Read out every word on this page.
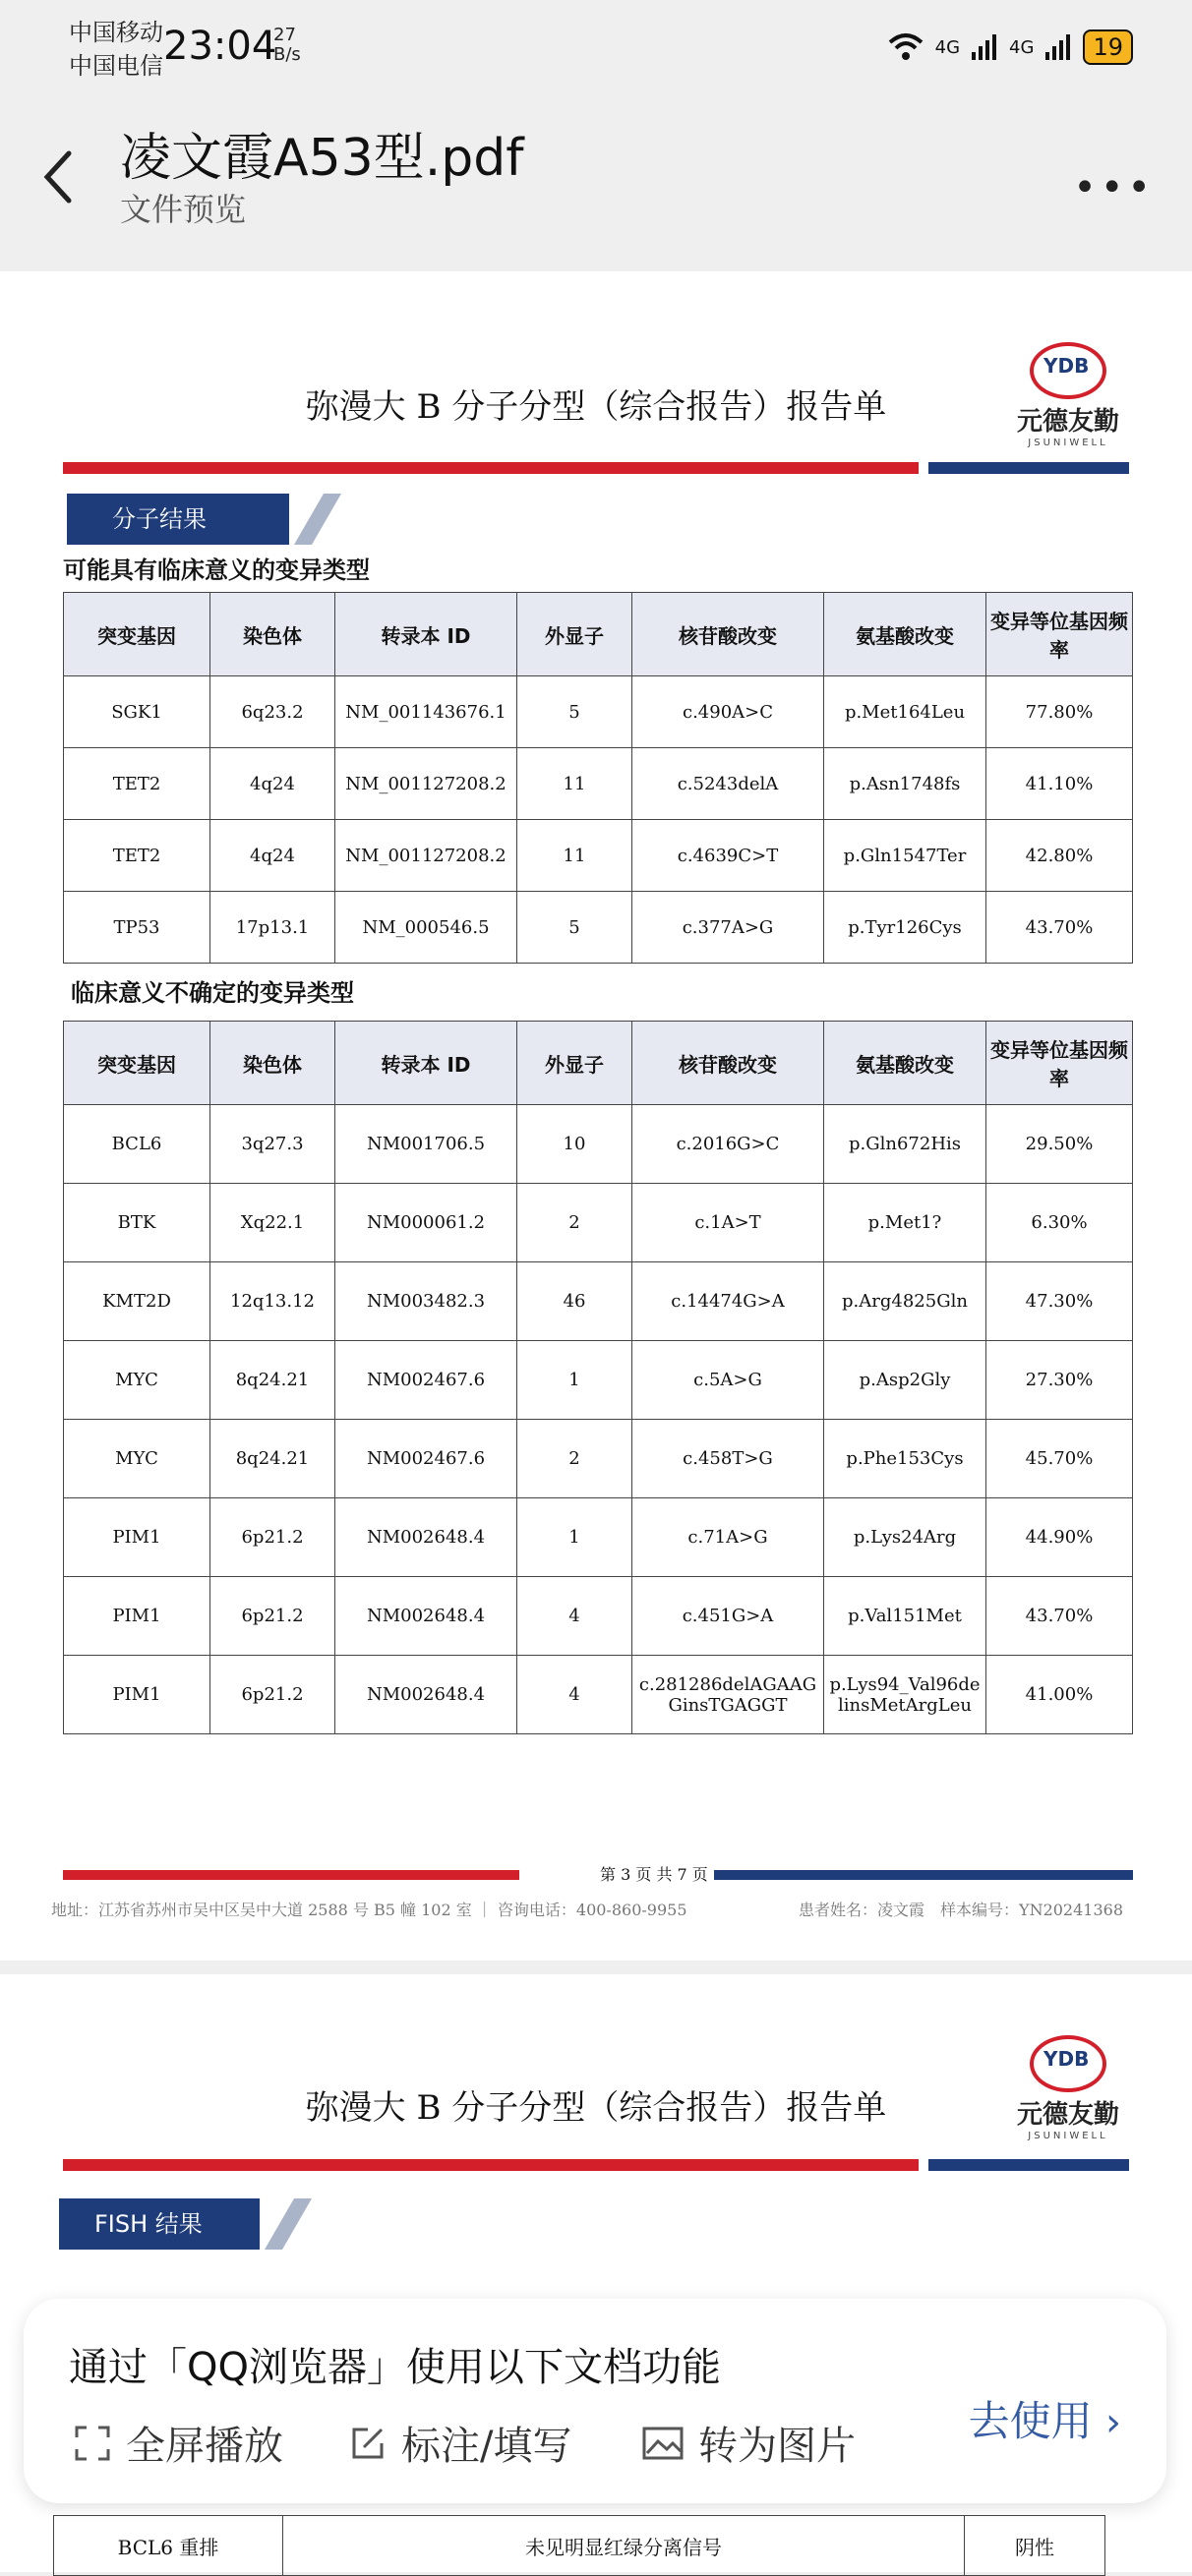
中国移动
中国电信 23:04
27
B/s	4G	4G	19
凌文霞A53型.pdf
文件预览	•••
弥漫大 B 分子分型（综合报告）报告单
YDB
元德友勤
JSUNIWELL
分子结果
可能具有临床意义的变异类型
突变基因	染色体	转录本 ID	外显子	核苷酸改变	氨基酸改变	变异等位基因频率
SGK1	6q23.2	NM_001143676.1	5	c.490A>C	p.Met164Leu	77.80%
TET2	4q24	NM_001127208.2	11	c.5243delA	p.Asn1748fs	41.10%
TET2	4q24	NM_001127208.2	11	c.4639C>T	p.Gln1547Ter	42.80%
TP53	17p13.1	NM_000546.5	5	c.377A>G	p.Tyr126Cys	43.70%
临床意义不确定的变异类型
突变基因	染色体	转录本 ID	外显子	核苷酸改变	氨基酸改变	变异等位基因频率
BCL6	3q27.3	NM001706.5	10	c.2016G>C	p.Gln672His	29.50%
BTK	Xq22.1	NM000061.2	2	c.1A>T	p.Met1?	6.30%
KMT2D	12q13.12	NM003482.3	46	c.14474G>A	p.Arg4825Gln	47.30%
MYC	8q24.21	NM002467.6	1	c.5A>G	p.Asp2Gly	27.30%
MYC	8q24.21	NM002467.6	2	c.458T>G	p.Phe153Cys	45.70%
PIM1	6p21.2	NM002648.4	1	c.71A>G	p.Lys24Arg	44.90%
PIM1	6p21.2	NM002648.4	4	c.451G>A	p.Val151Met	43.70%
PIM1	6p21.2	NM002648.4	4	c.281286delAGAAGGinsTGAGGT	p.Lys94_Val96delinsMetArgLeu	41.00%
第 3 页 共 7 页
地址：江苏省苏州市吴中区吴中大道 2588 号 B5 幢 102 室 ｜ 咨询电话：400-860-9955	患者姓名：凌文霞　样本编号：YN20241368
弥漫大 B 分子分型（综合报告）报告单
YDB
元德友勤
JSUNIWELL
FISH 结果
BCL6 重排	未见明显红绿分离信号	阴性
通过「QQ浏览器」使用以下文档功能
全屏播放	标注/填写	转为图片
去使用 ›
